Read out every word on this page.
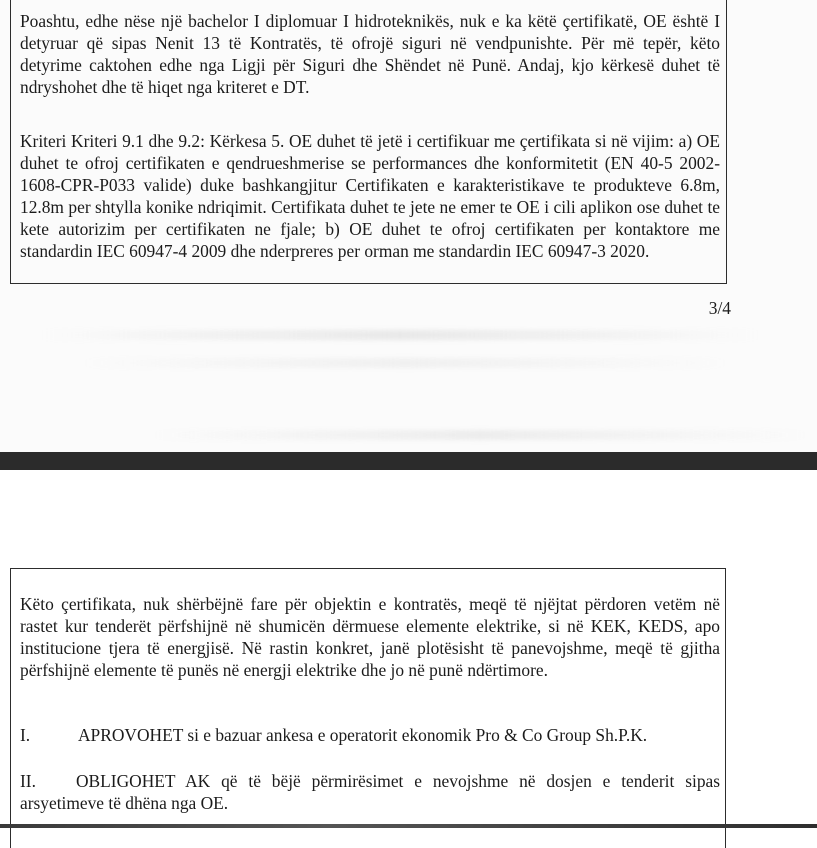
Poashtu, edhe nëse një bachelor I diplomuar I hidroteknikës, nuk e ka këtë çertifikatë, OE është I detyruar që sipas Nenit 13 të Kontratës, të ofrojë siguri në vendpunishte. Për më tepër, këto detyrime caktohen edhe nga Ligji për Siguri dhe Shëndet në Punë. Andaj, kjo kërkesë duhet të ndryshohet dhe të hiqet nga kriteret e DT.

Kriteri Kriteri 9.1 dhe 9.2: Kërkesa 5. OE duhet të jetë i certifikuar me çertifikata si në vijim: a) OE duhet te ofroj certifikaten e qendrueshmerise se performances dhe konformitetit (EN 40-5 2002-1608-CPR-P033 valide) duke bashkangjitur Certifikaten e karakteristikave te produkteve 6.8m, 12.8m per shtylla konike ndriqimit. Certifikata duhet te jete ne emer te OE i cili aplikon ose duhet te kete autorizim per certifikaten ne fjale; b) OE duhet te ofroj certifikaten per kontaktore me standardin IEC 60947-4 2009 dhe nderpreres per orman me standardin IEC 60947-3 2020.

3/4

Këto çertifikata, nuk shërbëjnë fare për objektin e kontratës, meqë të njëjtat përdoren vetëm në rastet kur tenderët përfshijnë në shumicën dërmuese elemente elektrike, si në KEK, KEDS, apo institucione tjera të energjisë. Në rastin konkret, janë plotësisht të panevojshme, meqë të gjitha përfshijnë elemente të punës në energji elektrike dhe jo në punë ndërtimore.

I.	APROVOHET si e bazuar ankesa e operatorit ekonomik Pro & Co Group Sh.P.K.
II. OBLIGOHET AK që të bëjë përmirësimet e nevojshme në dosjen e tenderit sipas arsyetimeve të dhëna nga OE.
